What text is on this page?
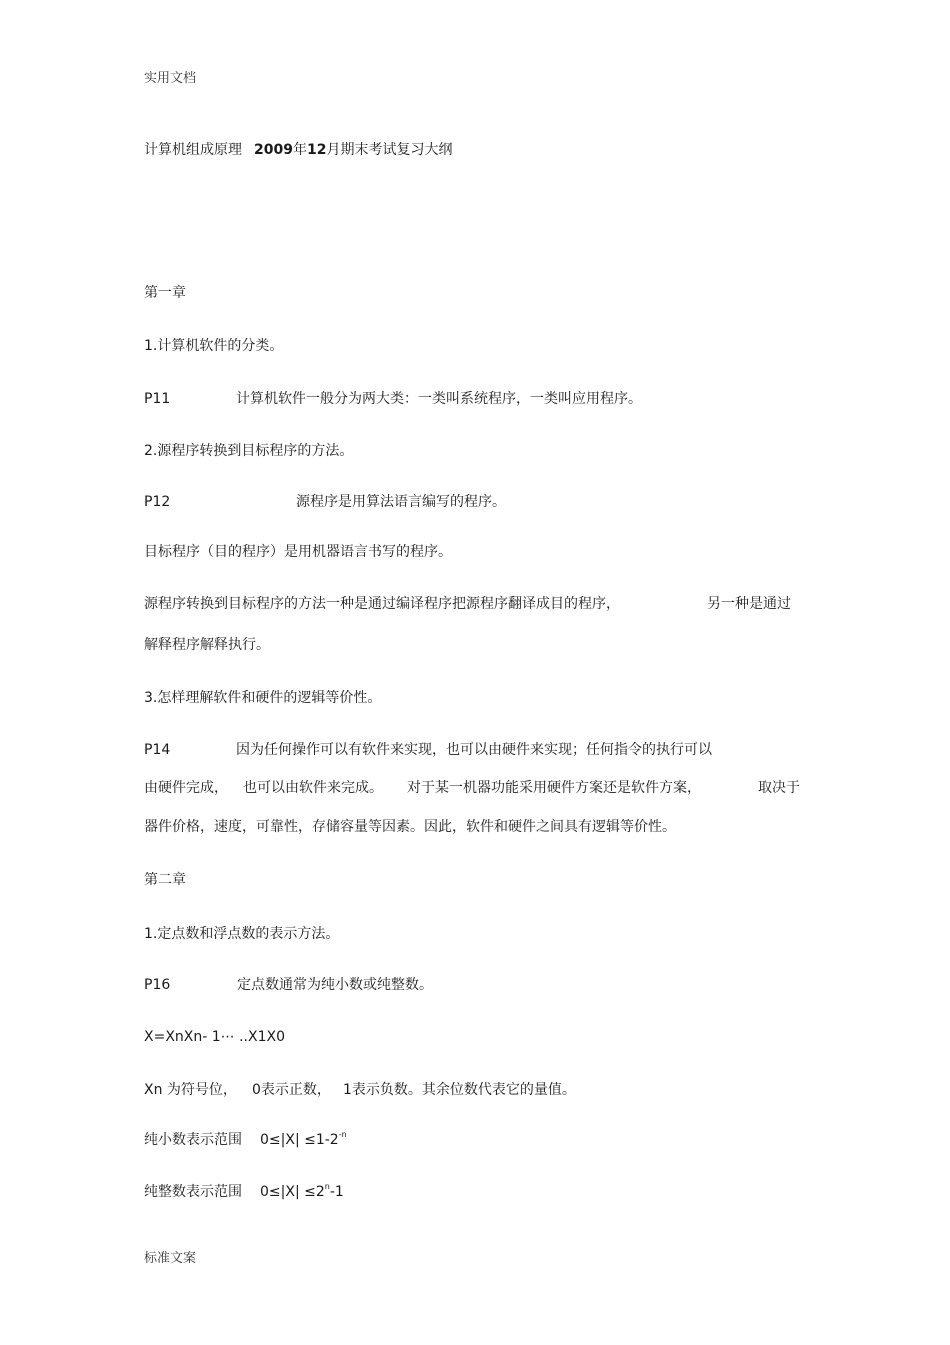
实用文档
计算机组成原理 2009年12月期末考试复习大纲
第一章
1.计算机软件的分类。
P11	计算机软件一般分为两大类：一类叫系统程序，一类叫应用程序。
2.源程序转换到目标程序的方法。
P12	源程序是用算法语言编写的程序。
目标程序（目的程序）是用机器语言书写的程序。
源程序转换到目标程序的方法一种是通过编译程序把源程序翻译成目的程序，	另一种是通过
解释程序解释执行。
3.怎样理解软件和硬件的逻辑等价性。
P14	因为任何操作可以有软件来实现，也可以由硬件来实现；任何指令的执行可以
由硬件完成， 也可以由软件来完成。 对于某一机器功能采用硬件方案还是软件方案，	取决于
器件价格，速度，可靠性，存储容量等因素。因此，软件和硬件之间具有逻辑等价性。
第二章
1.定点数和浮点数的表示方法。
P16	定点数通常为纯小数或纯整数。
X=XnXn- 1⋯ ..X1X0
Xn 为符号位， 0表示正数， 1表示负数。其余位数代表它的量值。
纯小数表示范围 $0\le|X| \le 1-2^{-n}$
纯整数表示范围 $0\le|X| \le 2^n-1$
标准文案
